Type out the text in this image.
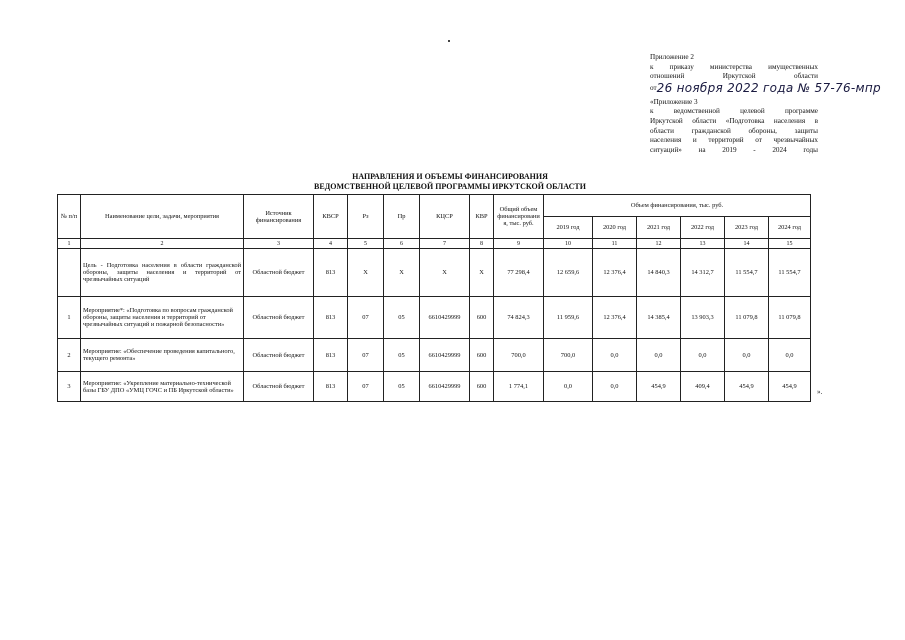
Приложение 2
к приказу министерства имущественных
отношений Иркутской области
от 26 ноября 2022 года № 57-76-мпр
«Приложение 3
к ведомственной целевой программе
Иркутской области «Подготовка населения в
области гражданской обороны, защиты
населения и территорий от чрезвычайных
ситуаций» на 2019 - 2024 годы
НАПРАВЛЕНИЯ И ОБЪЕМЫ ФИНАНСИРОВАНИЯ
ВЕДОМСТВЕННОЙ ЦЕЛЕВОЙ ПРОГРАММЫ ИРКУТСКОЙ ОБЛАСТИ
№ п/п	Наименование цели, задачи, мероприятия	Источник финансирования	КВСР	Рз	Пр	КЦСР	КВР	Общий объем финансировани я, тыс. руб.	Объем финансирования, тыс. руб.					
									2019 год	2020 год	2021 год	2022 год	2023 год	2024 год
1	2	3	4	5	6	7	8	9	10	11	12	13	14	15
	Цель - Подготовка населения в области гражданской обороны, защиты населения и территорий от чрезвычайных ситуаций	Областной бюджет	813	Х	Х	Х	Х	77 298,4	12 659,6	12 376,4	14 840,3	14 312,7	11 554,7	11 554,7
1	Мероприятие*: «Подготовка по вопросам гражданской обороны, защиты населения и территорий от чрезвычайных ситуаций и пожарной безопасности»	Областной бюджет	813	07	05	6610429999	600	74 824,3	11 959,6	12 376,4	14 385,4	13 903,3	11 079,8	11 079,8
2	Мероприятие: «Обеспечение проведения капитального, текущего ремонта»	Областной бюджет	813	07	05	6610429999	600	700,0	700,0	0,0	0,0	0,0	0,0	0,0
3	Мероприятие: «Укрепление материально-технической базы ГБУ ДПО «УМЦ ГОЧС и ПБ Иркутской области»	Областной бюджет	813	07	05	6610429999	600	1 774,1	0,0	0,0	454,9	409,4	454,9	454,9
».
